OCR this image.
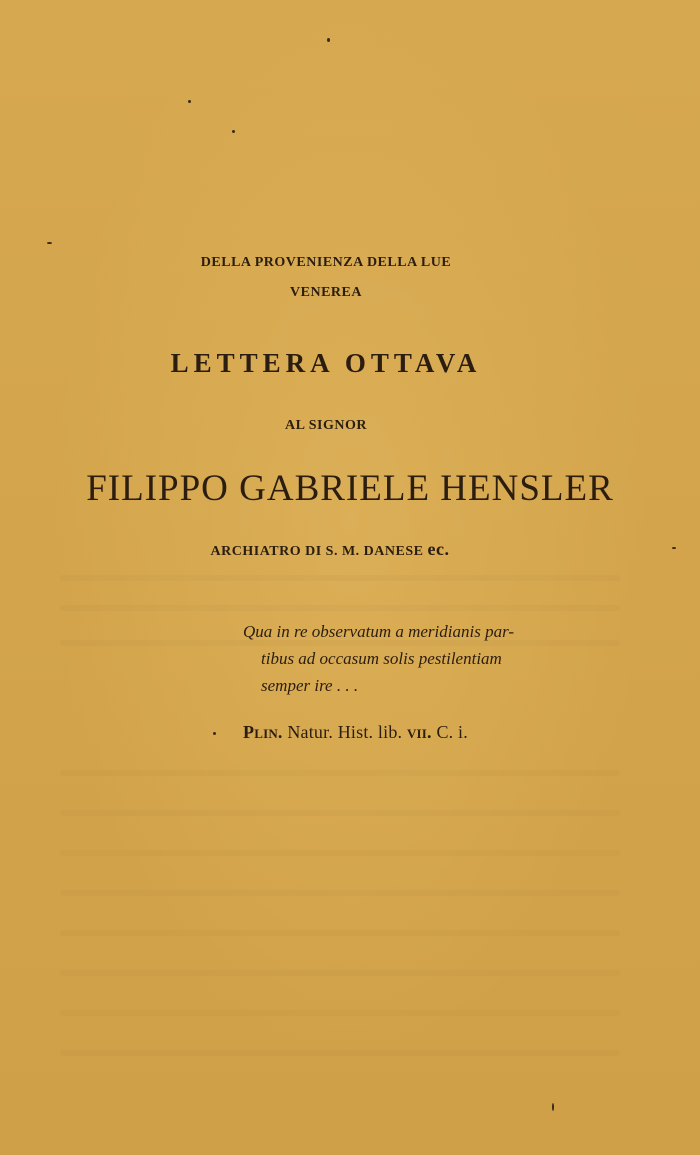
DELLA PROVENIENZA DELLA LUE
VENEREA
LETTERA OTTAVA
AL SIGNOR
FILIPPO GABRIELE HENSLER
ARCHIATRO DI S. M. DANESE ec.
Qua in re observatum a meridianis par-
tibus ad occasum solis pestilentiam
semper ire . . .
Plin. Natur. Hist. lib. vii. C. i.
